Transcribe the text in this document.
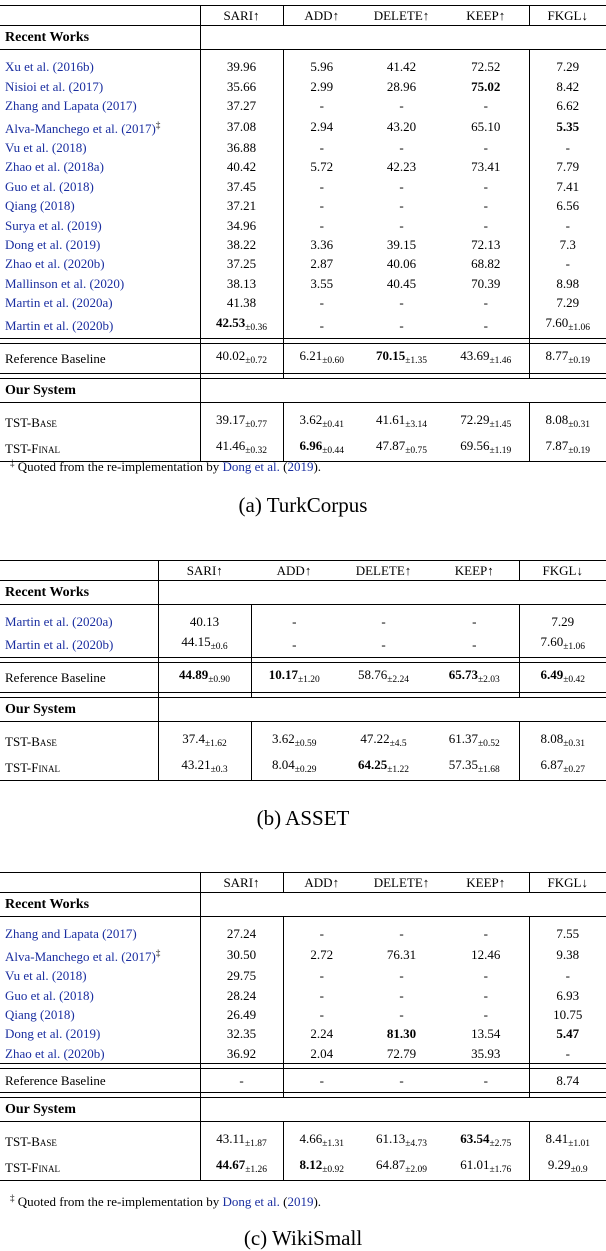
	SARI↑	ADD↑	DELETE↑	KEEP↑	FKGL↓
Recent Works					

Xu et al. (2016b)	39.96	5.96	41.42	72.52	7.29
Nisioi et al. (2017)	35.66	2.99	28.96	75.02	8.42
Zhang and Lapata (2017)	37.27	-	-	-	6.62
Alva-Manchego et al. (2017)‡	37.08	2.94	43.20	65.10	5.35
Vu et al. (2018)	36.88	-	-	-	-
Zhao et al. (2018a)	40.42	5.72	42.23	73.41	7.79
Guo et al. (2018)	37.45	-	-	-	7.41
Qiang (2018)	37.21	-	-	-	6.56
Surya et al. (2019)	34.96	-	-	-	-
Dong et al. (2019)	38.22	3.36	39.15	72.13	7.3
Zhao et al. (2020b)	37.25	2.87	40.06	68.82	-
Mallinson et al. (2020)	38.13	3.55	40.45	70.39	8.98
Martin et al. (2020a)	41.38	-	-	-	7.29
Martin et al. (2020b)	$42.53_{\pm 0.36}$	-	-	-	$7.60_{\pm 1.06}$

Reference Baseline	$40.02_{\pm 0.72}$	$6.21_{\pm 0.60}$	$70.15_{\pm 1.35}$	$43.69_{\pm 1.46}$	$8.77_{\pm 0.19}$

Our System					

TST-Base	$39.17_{\pm 0.77}$	$3.62_{\pm 0.41}$	$41.61_{\pm 3.14}$	$72.29_{\pm 1.45}$	$8.08_{\pm 0.31}$
TST-Final	$41.46_{\pm 0.32}$	$6.96_{\pm 0.44}$	$47.87_{\pm 0.75}$	$69.56_{\pm 1.19}$	$7.87_{\pm 0.19}$
‡ Quoted from the re-implementation by Dong et al. (2019).
(a) TurkCorpus
	SARI↑	ADD↑	DELETE↑	KEEP↑	FKGL↓
Recent Works					

Martin et al. (2020a)	40.13	-	-	-	7.29
Martin et al. (2020b)	$44.15_{\pm 0.6}$	-	-	-	$7.60_{\pm 1.06}$

Reference Baseline	$44.89_{\pm 0.90}$	$10.17_{\pm 1.20}$	$58.76_{\pm 2.24}$	$65.73_{\pm 2.03}$	$6.49_{\pm 0.42}$

Our System					

TST-Base	$37.4_{\pm 1.62}$	$3.62_{\pm 0.59}$	$47.22_{\pm 4.5}$	$61.37_{\pm 0.52}$	$8.08_{\pm 0.31}$
TST-Final	$43.21_{\pm 0.3}$	$8.04_{\pm 0.29}$	$64.25_{\pm 1.22}$	$57.35_{\pm 1.68}$	$6.87_{\pm 0.27}$
(b) ASSET
	SARI↑	ADD↑	DELETE↑	KEEP↑	FKGL↓
Recent Works					

Zhang and Lapata (2017)	27.24	-	-	-	7.55
Alva-Manchego et al. (2017)‡	30.50	2.72	76.31	12.46	9.38
Vu et al. (2018)	29.75	-	-	-	-
Guo et al. (2018)	28.24	-	-	-	6.93
Qiang (2018)	26.49	-	-	-	10.75
Dong et al. (2019)	32.35	2.24	81.30	13.54	5.47
Zhao et al. (2020b)	36.92	2.04	72.79	35.93	-

Reference Baseline	-	-	-	-	8.74

Our System					

TST-Base	$43.11_{\pm 1.87}$	$4.66_{\pm 1.31}$	$61.13_{\pm 4.73}$	$63.54_{\pm 2.75}$	$8.41_{\pm 1.01}$
TST-Final	$44.67_{\pm 1.26}$	$8.12_{\pm 0.92}$	$64.87_{\pm 2.09}$	$61.01_{\pm 1.76}$	$9.29_{\pm 0.9}$
‡ Quoted from the re-implementation by Dong et al. (2019).
(c) WikiSmall
